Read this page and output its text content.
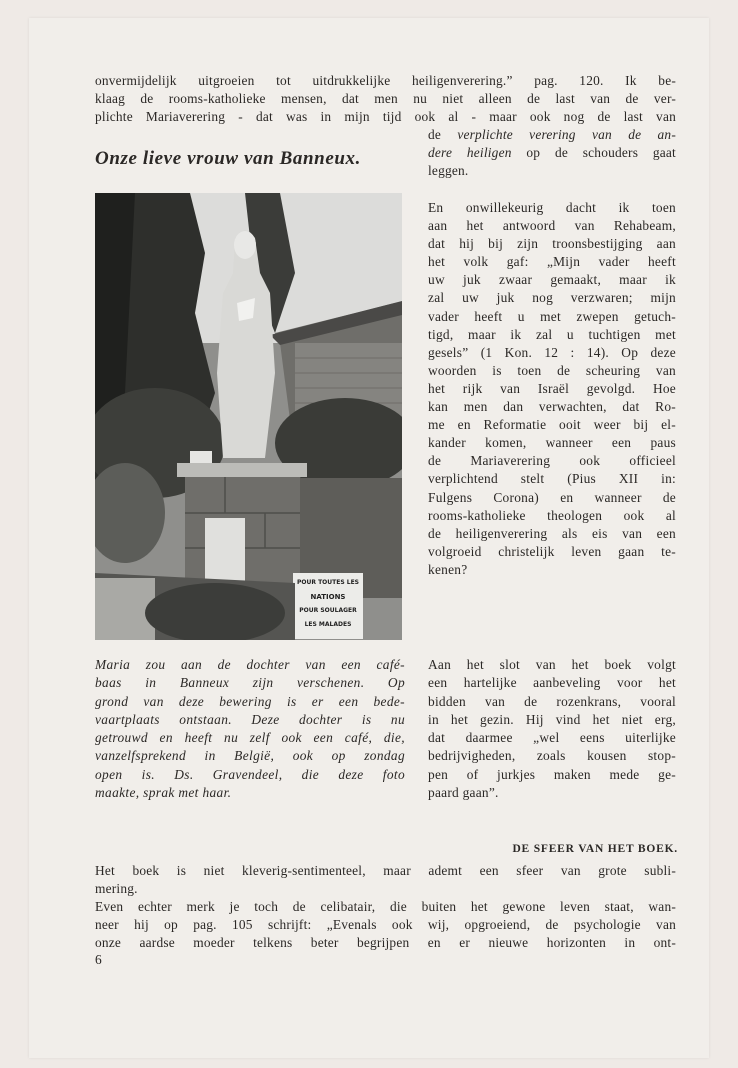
onvermijdelijk uitgroeien tot uitdrukkelijke heiligenverering.” pag. 120. Ik be-
klaag de rooms-katholieke mensen, dat men nu niet alleen de last van de ver-
plichte Mariaverering - dat was in mijn tijd ook al - maar ook nog de last van
de verplichte verering van de an-
dere heiligen op de schouders gaat
leggen.
Onze lieve vrouw van Banneux.
POUR TOUTES LES
NATIONS
POUR SOULAGER
LES MALADES
En onwillekeurig dacht ik toen
aan het antwoord van Rehabeam,
dat hij bij zijn troonsbestijging aan
het volk gaf: „Mijn vader heeft
uw juk zwaar gemaakt, maar ik
zal uw juk nog verzwaren; mijn
vader heeft u met zwepen getuch-
tigd, maar ik zal u tuchtigen met
gesels” (1 Kon. 12 : 14). Op deze
woorden is toen de scheuring van
het rijk van Israël gevolgd. Hoe
kan men dan verwachten, dat Ro-
me en Reformatie ooit weer bij el-
kander komen, wanneer een paus
de Mariaverering ook officieel
verplichtend stelt (Pius XII in:
Fulgens Corona) en wanneer de
rooms-katholieke theologen ook al
de heiligenverering als eis van een
volgroeid christelijk leven gaan te-
kenen?
Maria zou aan de dochter van een café-
baas in Banneux zijn verschenen. Op
grond van deze bewering is er een bede-
vaartplaats ontstaan. Deze dochter is nu
getrouwd en heeft nu zelf ook een café, die,
vanzelfsprekend in België, ook op zondag
open is. Ds. Gravendeel, die deze foto
maakte, sprak met haar.
Aan het slot van het boek volgt
een hartelijke aanbeveling voor het
bidden van de rozenkrans, vooral
in het gezin. Hij vind het niet erg,
dat daarmee „wel eens uiterlijke
bedrijvigheden, zoals kousen stop-
pen of jurkjes maken mede ge-
paard gaan”.
DE SFEER VAN HET BOEK.
Het boek is niet kleverig-sentimenteel, maar ademt een sfeer van grote subli-
mering.
Even echter merk je toch de celibatair, die buiten het gewone leven staat, wan-
neer hij op pag. 105 schrijft: „Evenals ook wij, opgroeiend, de psychologie van
onze aardse moeder telkens beter begrijpen en er nieuwe horizonten in ont-
6
